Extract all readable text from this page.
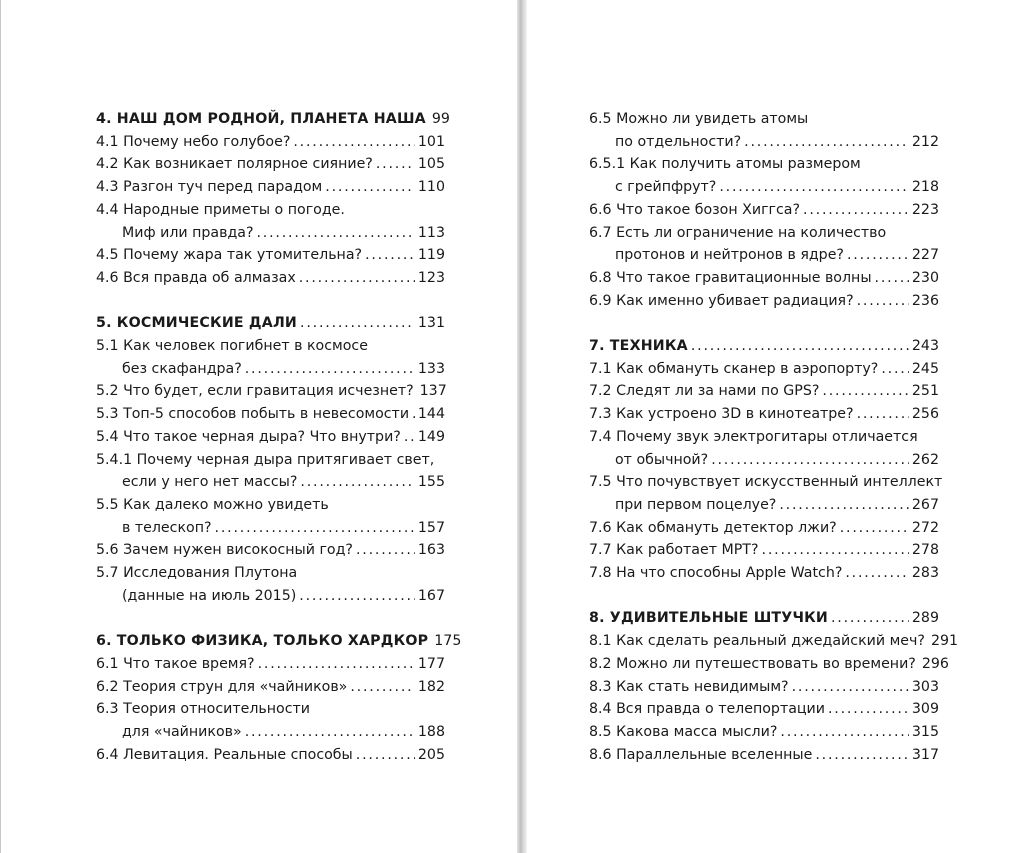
4. НАШ ДОМ РОДНОЙ, ПЛАНЕТА НАША 99
4.1 Почему небо голубое? .....	101
4.2 Как возникает полярное сияние? .....	105
4.3 Разгон туч перед парадом .....	110
4.4 Народные приметы о погоде.
Миф или правда? .....	113
4.5 Почему жара так утомительна? .....	119
4.6 Вся правда об алмазах .....	123
5. КОСМИЧЕСКИЕ ДАЛИ .....	131
5.1 Как человек погибнет в космосе
без скафандра? .....	133
5.2 Что будет, если гравитация исчезнет? 137
5.3 Топ-5 способов побыть в невесомости ..... 144
5.4 Что такое черная дыра? Что внутри? ..... 149
5.4.1 Почему черная дыра притягивает свет,
если у него нет массы? .....	155
5.5 Как далеко можно увидеть
в телескоп? .....	157
5.6 Зачем нужен високосный год? .....	163
5.7 Исследования Плутона
(данные на июль 2015) .....	167
6. ТОЛЬКО ФИЗИКА, ТОЛЬКО ХАРДКОР 175
6.1 Что такое время? .....	177
6.2 Теория струн для «чайников» .....	182
6.3 Теория относительности
для «чайников» .....	188
6.4 Левитация. Реальные способы .....	205
6.5 Можно ли увидеть атомы
по отдельности? .....	212
6.5.1 Как получить атомы размером
с грейпфрут? .....	218
6.6 Что такое бозон Хиггса? .....	223
6.7 Есть ли ограничение на количество
протонов и нейтронов в ядре? .....	227
6.8 Что такое гравитационные волны .....	230
6.9 Как именно убивает радиация? .....	236
7. ТЕХНИКА .....	243
7.1 Как обмануть сканер в аэропорту? ..... 245
7.2 Следят ли за нами по GPS? .....	251
7.3 Как устроено 3D в кинотеатре? .....	256
7.4 Почему звук электрогитары отличается
от обычной? .....	262
7.5 Что почувствует искусственный интеллект
при первом поцелуе? .....	267
7.6 Как обмануть детектор лжи? .....	272
7.7 Как работает МРТ? .....	278
7.8 На что способны Apple Watch? .....	283
8. УДИВИТЕЛЬНЫЕ ШТУЧКИ .....	289
8.1 Как сделать реальный джедайский меч? 291
8.2 Можно ли путешествовать во времени? 296
8.3 Как стать невидимым? .....	303
8.4 Вся правда о телепортации .....	309
8.5 Какова масса мысли? .....	315
8.6 Параллельные вселенные .....	317
